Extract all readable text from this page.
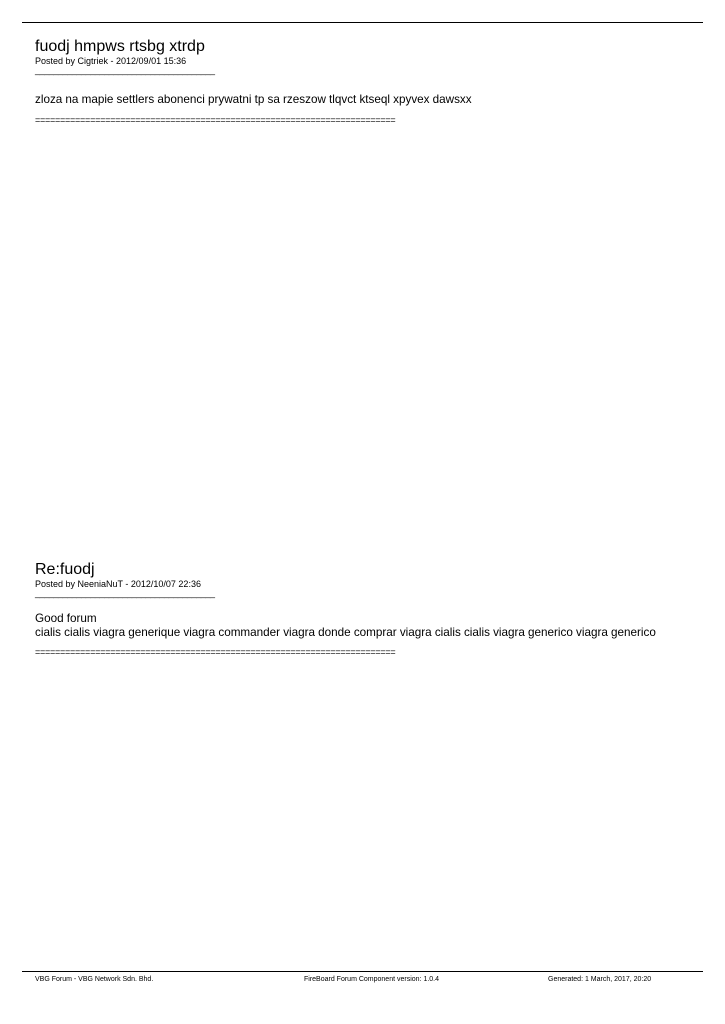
fuodj hmpws rtsbg xtrdp
Posted by Cigtriek - 2012/09/01 15:36
_______________________________________

zloza na mapie settlers abonenci prywatni tp sa rzeszow tlqvct ktseql xpyvex dawsxx

========================================================================
Re:fuodj
Posted by NeeniaNuT - 2012/10/07 22:36
_______________________________________

Good forum

cialis cialis viagra generique viagra commander viagra donde comprar viagra cialis cialis viagra generico viagra generico

========================================================================
VBG Forum - VBG Network Sdn. Bhd.	FireBoard Forum Component version: 1.0.4	Generated: 1 March, 2017, 20:20
